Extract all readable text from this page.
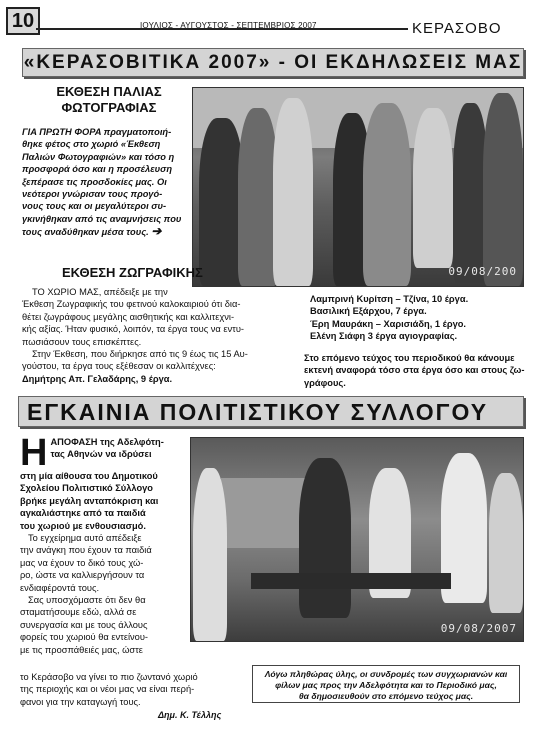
10	ΙΟΥΛΙΟΣ - ΑΥΓΟΥΣΤΟΣ - ΣΕΠΤΕΜΒΡΙΟΣ 2007	ΚΕΡΑΣΟΒΟ
«ΚΕΡΑΣΟΒΙΤΙΚΑ 2007» - ΟΙ ΕΚΔΗΛΩΣΕΙΣ ΜΑΣ
ΕΚΘΕΣΗ ΠΑΛΙΑΣ
ΦΩΤΟΓΡΑΦΙΑΣ
ΓΙΑ ΠΡΩΤΗ ΦΟΡΑ πραγματοποιή-
θηκε φέτος στο χωριό «Έκθεση
Παλιών Φωτογραφιών» και τόσο η
προσφορά όσο και η προσέλευση
ξεπέρασε τις προσδοκίες μας. Οι
νεότεροι γνώρισαν τους προγό-
νους τους και οι μεγαλύτεροι συ-
γκινήθηκαν από τις αναμνήσεις που
τους αναδύθηκαν μέσα τους. ➔
09/08/200
ΕΚΘΕΣΗ ΖΩΓΡΑΦΙΚΗΣ
ΤΟ ΧΩΡΙΟ ΜΑΣ, απέδειξε με την
Έκθεση Ζωγραφικής του φετινού καλοκαιριού ότι δια-
θέτει ζωγράφους μεγάλης αισθητικής και καλλιτεχνι-
κής αξίας. Ήταν φυσικό, λοιπόν, τα έργα τους να εντυ-
πωσιάσουν τους επισκέπτες.
Στην Έκθεση, που διήρκησε από τις 9 έως τις 15 Αυ-
γούστου, τα έργα τους εξέθεσαν οι καλλιτέχνες:
Δημήτρης Απ. Γελαδάρης, 9 έργα.
Λαμπρινή Κυρίτση – Τζίνα, 10 έργα.
Βασιλική Εξάρχου, 7 έργα.
Έρη Μαυράκη – Χαρισιάδη, 1 έργο.
Ελένη Σιάφη 3 έργα αγιογραφίας.
Στο επόμενο τεύχος του περιοδικού θα κάνουμε
εκτενή αναφορά τόσο στα έργα όσο και στους ζω-
γράφους.
ΕΓΚΑΙΝΙΑ ΠΟΛΙΤΙΣΤΙΚΟΥ ΣΥΛΛΟΓΟΥ
Η ΑΠΟΦΑΣΗ της Αδελφότη-
τας Αθηνών να ιδρύσει
στη μία αίθουσα του Δημοτικού
Σχολείου Πολιτιστικό Σύλλογο
βρήκε μεγάλη ανταπόκριση και
αγκαλιάστηκε από τα παιδιά
του χωριού με ενθουσιασμό.
Το εγχείρημα αυτό απέδειξε
την ανάγκη που έχουν τα παιδιά
μας να έχουν το δικό τους χώ-
ρο, ώστε να καλλιεργήσουν τα
ενδιαφέροντά τους.
Σας υποσχόμαστε ότι δεν θα
σταματήσουμε εδώ, αλλά σε
συνεργασία και με τους άλλους
φορείς του χωριού θα εντείνου-
με τις προσπάθειές μας, ώστε
το Κεράσοβο να γίνει το πιο ζωντανό χωριό
της περιοχής και οι νέοι μας να είναι περή-
φανοι για την καταγωγή τους.
Δημ. Κ. Τέλλης
09/08/2007
Λόγω πληθώρας ύλης, οι συνδρομές των συγχωριανών και
φίλων μας προς την Αδελφότητα και το Περιοδικό μας,
θα δημοσιευθούν στο επόμενο τεύχος μας.
